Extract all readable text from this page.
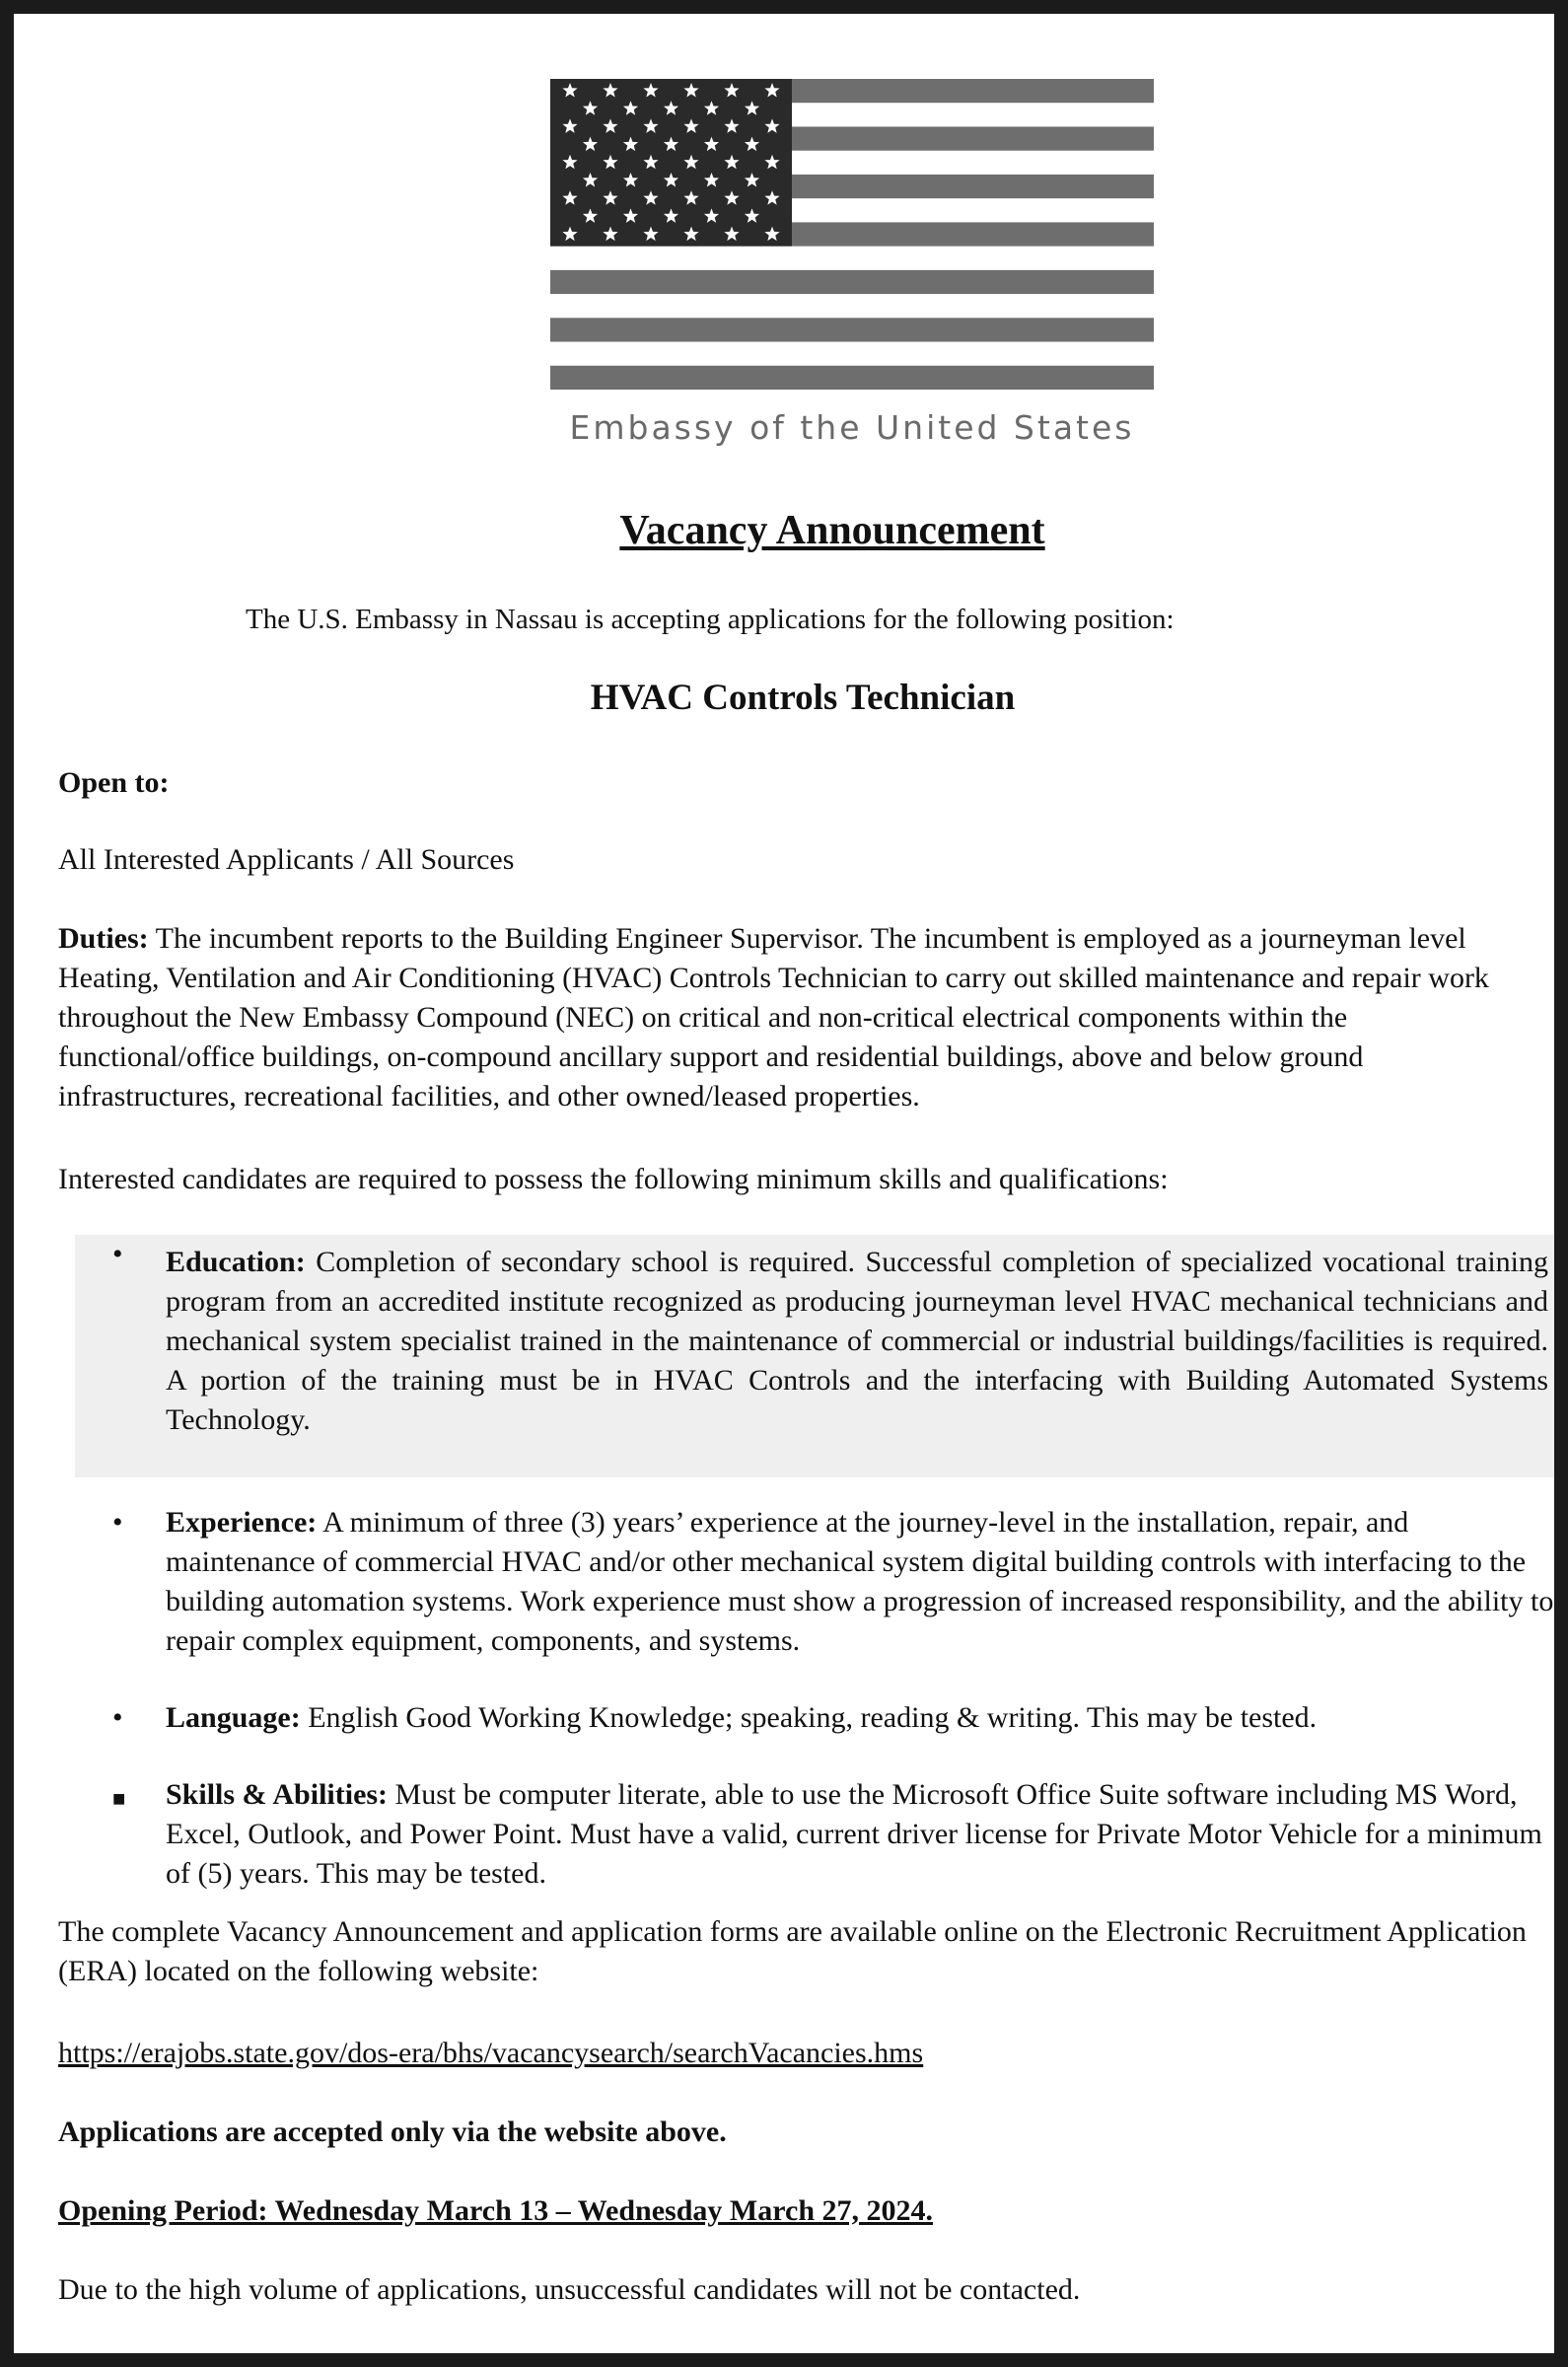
Embassy of the United States
Vacancy Announcement
The U.S. Embassy in Nassau is accepting applications for the following position:
HVAC Controls Technician
Open to:
All Interested Applicants / All Sources
Duties: The incumbent reports to the Building Engineer Supervisor. The incumbent is employed as a journeyman level Heating, Ventilation and Air Conditioning (HVAC) Controls Technician to carry out skilled maintenance and repair work throughout the New Embassy Compound (NEC) on critical and non-critical electrical components within the functional/office buildings, on-compound ancillary support and residential buildings, above and below ground infrastructures, recreational facilities, and other owned/leased properties.
Interested candidates are required to possess the following minimum skills and qualifications:
• Education: Completion of secondary school is required. Successful completion of specialized vocational training program from an accredited institute recognized as producing journeyman level HVAC mechanical technicians and mechanical system specialist trained in the maintenance of commercial or industrial buildings/facilities is required. A portion of the training must be in HVAC Controls and the interfacing with Building Automated Systems Technology.
• Experience: A minimum of three (3) years’ experience at the journey-level in the installation, repair, and maintenance of commercial HVAC and/or other mechanical system digital building controls with interfacing to the building automation systems. Work experience must show a progression of increased responsibility, and the ability to repair complex equipment, components, and systems.
• Language: English Good Working Knowledge; speaking, reading & writing. This may be tested.
■ Skills & Abilities: Must be computer literate, able to use the Microsoft Office Suite software including MS Word, Excel, Outlook, and Power Point. Must have a valid, current driver license for Private Motor Vehicle for a minimum of (5) years. This may be tested.
The complete Vacancy Announcement and application forms are available online on the Electronic Recruitment Application (ERA) located on the following website:
https://erajobs.state.gov/dos-era/bhs/vacancysearch/searchVacancies.hms
Applications are accepted only via the website above.
Opening Period: Wednesday March 13 – Wednesday March 27, 2024.
Due to the high volume of applications, unsuccessful candidates will not be contacted.
